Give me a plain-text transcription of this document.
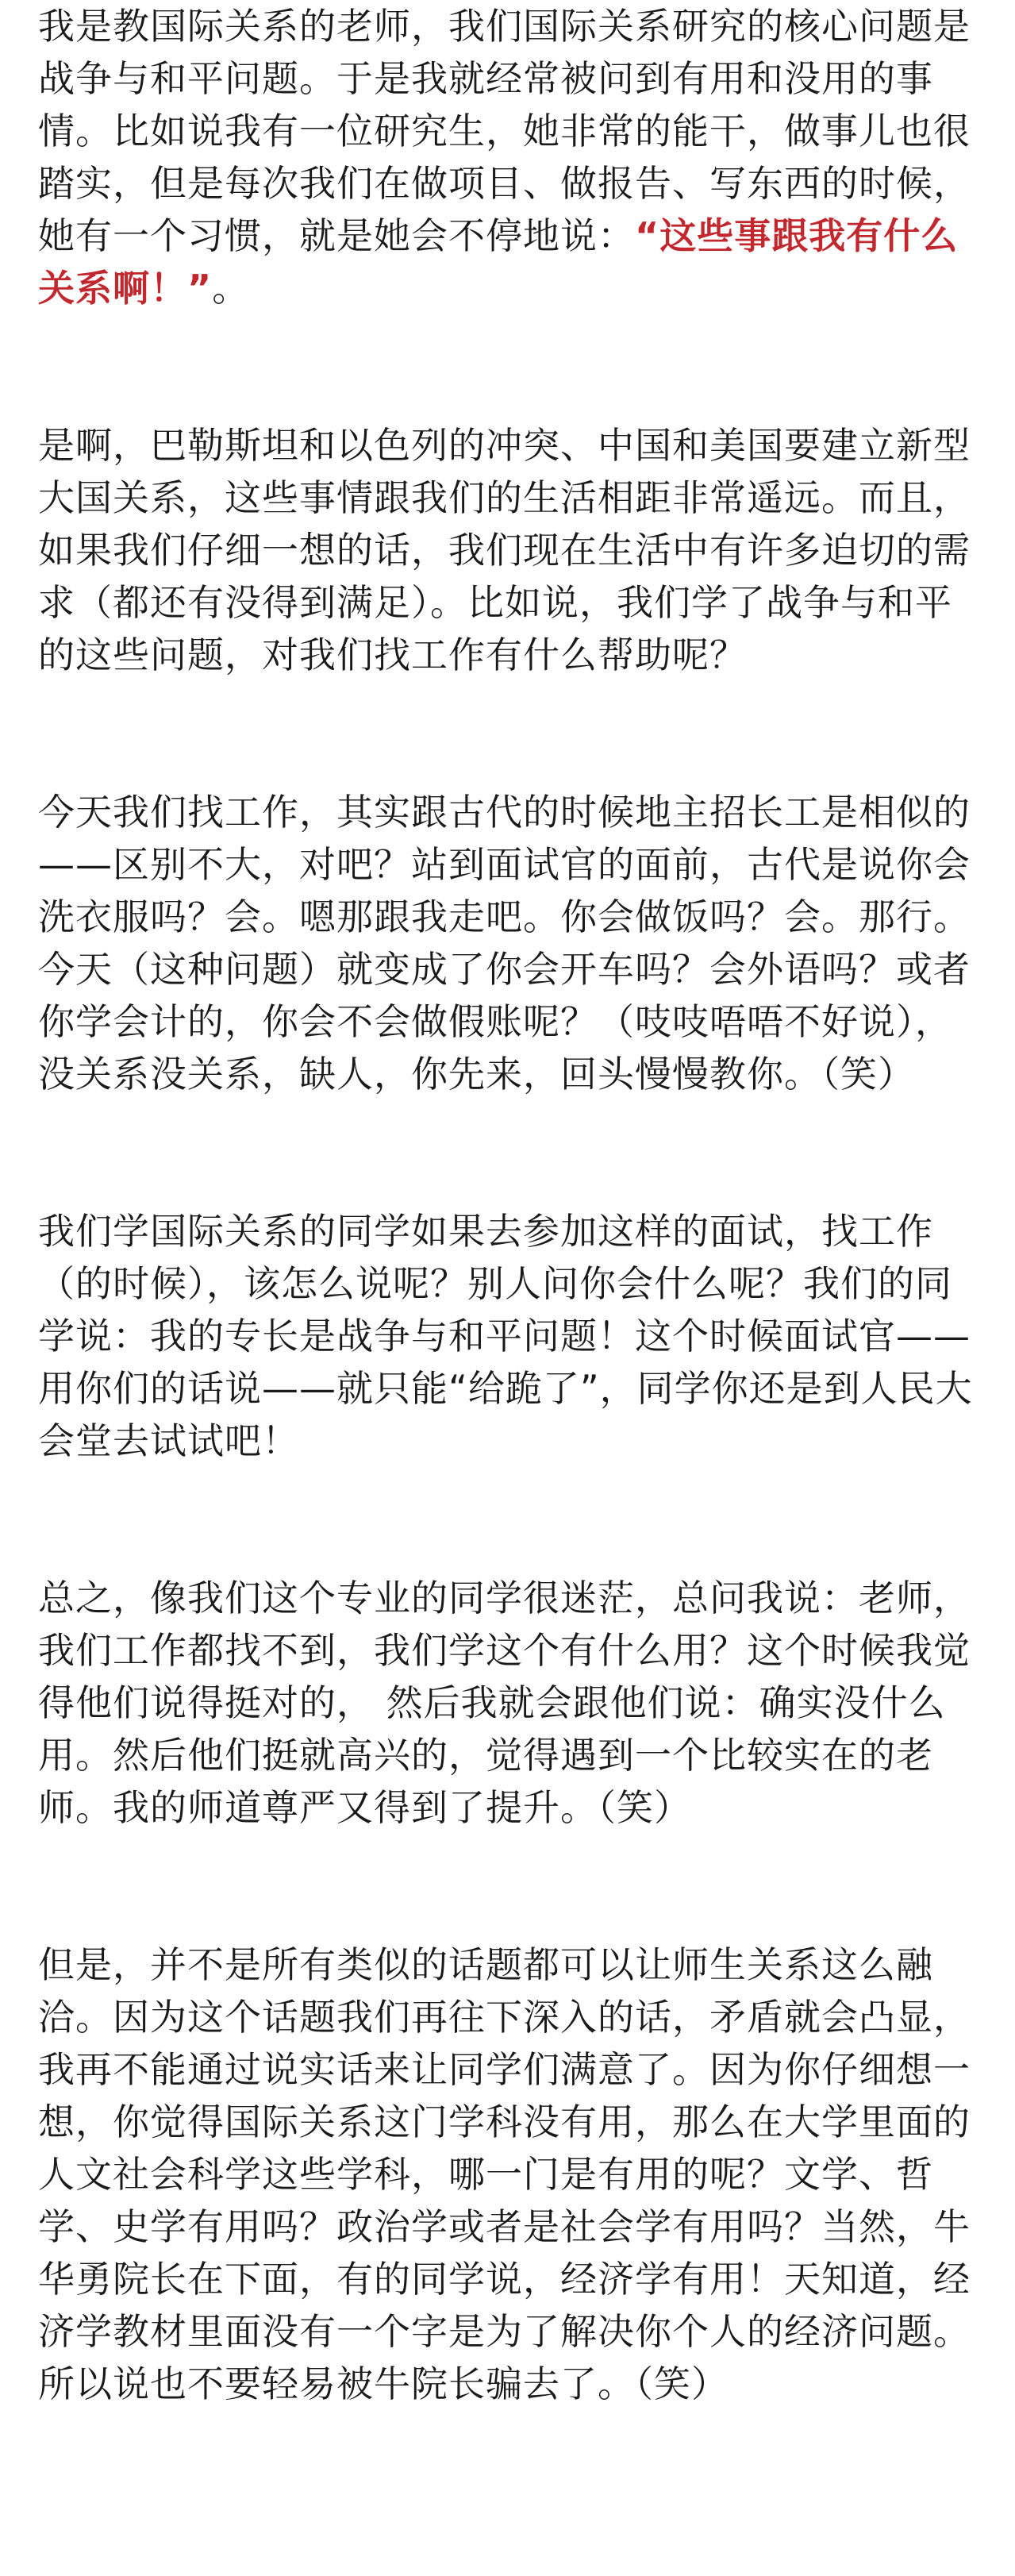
我是教国际关系的老师，我们国际关系研究的核心问题是战争与和平问题。于是我就经常被问到有用和没用的事情。比如说我有一位研究生，她非常的能干，做事儿也很踏实，但是每次我们在做项目、做报告、写东西的时候，她有一个习惯，就是她会不停地说：“这些事跟我有什么关系啊！”。

是啊，巴勒斯坦和以色列的冲突、中国和美国要建立新型大国关系，这些事情跟我们的生活相距非常遥远。而且，如果我们仔细一想的话，我们现在生活中有许多迫切的需求（都还有没得到满足）。比如说，我们学了战争与和平的这些问题，对我们找工作有什么帮助呢？

今天我们找工作，其实跟古代的时候地主招长工是相似的——区别不大，对吧？站到面试官的面前，古代是说你会洗衣服吗？会。嗯那跟我走吧。你会做饭吗？会。那行。今天（这种问题）就变成了你会开车吗？会外语吗？或者你学会计的，你会不会做假账呢？（吱吱唔唔不好说），没关系没关系，缺人，你先来，回头慢慢教你。（笑）

我们学国际关系的同学如果去参加这样的面试，找工作（的时候），该怎么说呢？别人问你会什么呢？我们的同学说：我的专长是战争与和平问题！这个时候面试官——用你们的话说——就只能“给跪了”，同学你还是到人民大会堂去试试吧！

总之，像我们这个专业的同学很迷茫，总问我说：老师，我们工作都找不到，我们学这个有什么用？这个时候我觉得他们说得挺对的， 然后我就会跟他们说：确实没什么用。然后他们挺就高兴的，觉得遇到一个比较实在的老师。我的师道尊严又得到了提升。（笑）

但是，并不是所有类似的话题都可以让师生关系这么融洽。因为这个话题我们再往下深入的话，矛盾就会凸显，我再不能通过说实话来让同学们满意了。因为你仔细想一想，你觉得国际关系这门学科没有用，那么在大学里面的人文社会科学这些学科，哪一门是有用的呢？文学、哲学、史学有用吗？政治学或者是社会学有用吗？当然，牛华勇院长在下面，有的同学说，经济学有用！天知道，经济学教材里面没有一个字是为了解决你个人的经济问题。所以说也不要轻易被牛院长骗去了。（笑）
